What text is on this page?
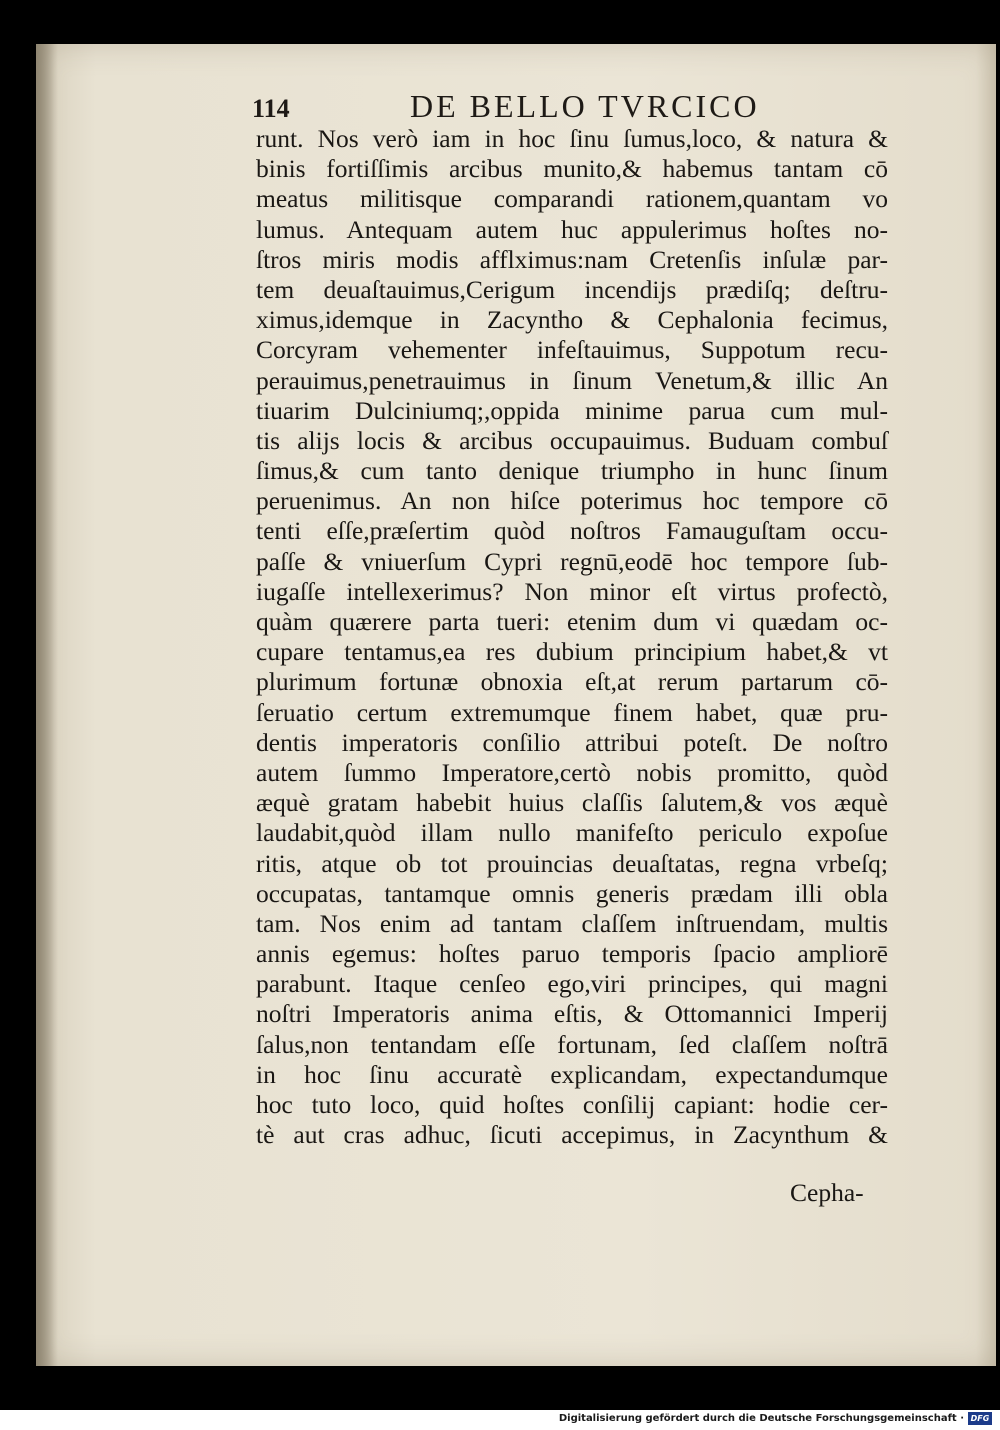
114	DE BELLO TVRCICO
runt. Nos verò iam in hoc ſinu ſumus,loco, & natura &
binis fortiſſimis arcibus munito,& habemus tantam cō
meatus militisque comparandi rationem,quantam vo
lumus. Antequam autem huc appulerimus hoſtes no-
ſtros miris modis afflximus:nam Cretenſis inſulæ par-
tem deuaſtauimus,Cerigum incendijs prædiſq; deſtru-
ximus,idemque in Zacyntho & Cephalonia fecimus,
Corcyram vehementer infeſtauimus, Suppotum recu-
perauimus,penetrauimus in ſinum Venetum,& illic An
tiuarim Dulciniumq;,oppida minime parua cum mul-
tis alijs locis & arcibus occupauimus. Buduam combuſ
ſimus,& cum tanto denique triumpho in hunc ſinum
peruenimus. An non hiſce poterimus hoc tempore cō
tenti eſſe,præſertim quòd noſtros Famauguſtam occu-
paſſe & vniuerſum Cypri regnū,eodē hoc tempore ſub-
iugaſſe intellexerimus? Non minor eſt virtus profectò,
quàm quærere parta tueri: etenim dum vi quædam oc-
cupare tentamus,ea res dubium principium habet,& vt
plurimum fortunæ obnoxia eſt,at rerum partarum cō-
ſeruatio certum extremumque finem habet, quæ pru-
dentis imperatoris conſilio attribui poteſt. De noſtro
autem ſummo Imperatore,certò nobis promitto, quòd
æquè gratam habebit huius claſſis ſalutem,& vos æquè
laudabit,quòd illam nullo manifeſto periculo expoſue
ritis, atque ob tot prouincias deuaſtatas, regna vrbeſq;
occupatas, tantamque omnis generis prædam illi obla
tam. Nos enim ad tantam claſſem inſtruendam, multis
annis egemus: hoſtes paruo temporis ſpacio ampliorē
parabunt. Itaque cenſeo ego,viri principes, qui magni
noſtri Imperatoris anima eſtis, & Ottomannici Imperij
ſalus,non tentandam eſſe fortunam, ſed claſſem noſtrā
in hoc ſinu accuratè explicandam, expectandumque
hoc tuto loco, quid hoſtes conſilij capiant: hodie cer-
tè aut cras adhuc, ſicuti accepimus, in Zacynthum &
Cepha-
Digitalisierung gefördert durch die Deutsche Forschungsgemeinschaft · DFG
